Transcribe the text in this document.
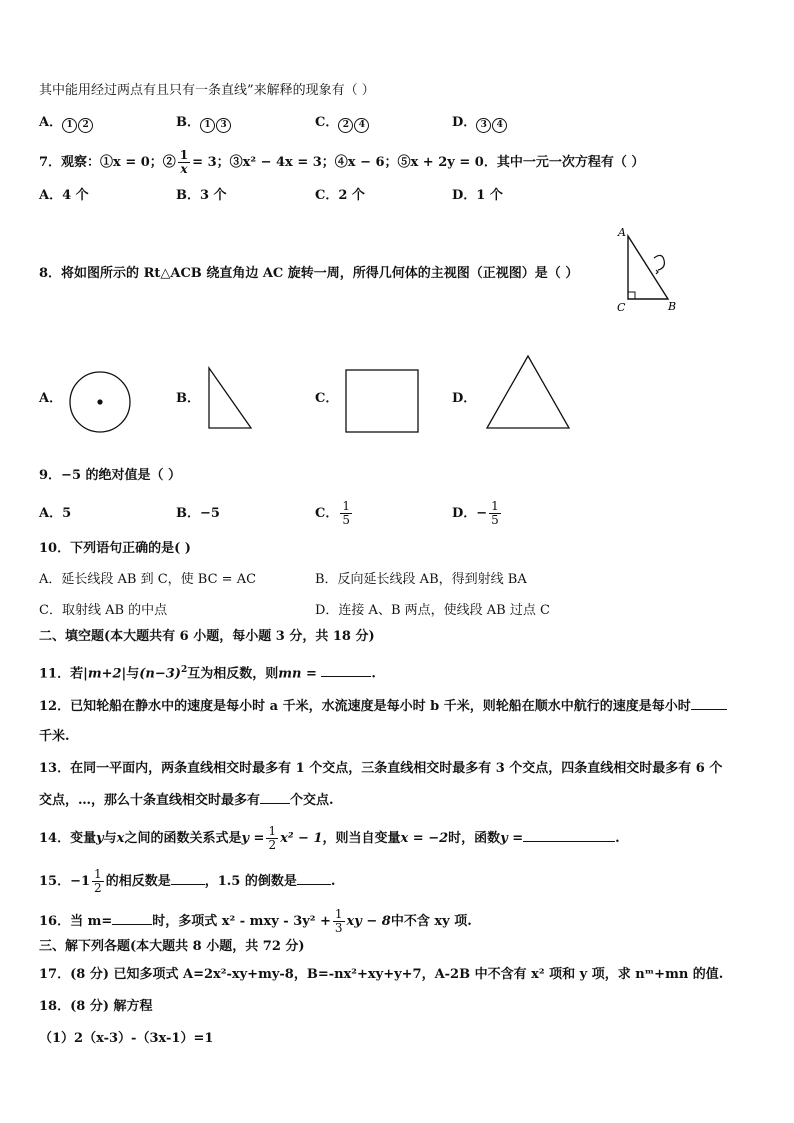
其中能用经过两点有且只有一条直线”来解释的现象有（ ）
A． 1 2	B． 1 3	C． 2 4	D． 3 4
7．观察：①x = 0；② $\frac{1}{x} = 3$；③x² − 4x = 3；④x − 6；⑤x + 2y = 0．其中一元一次方程有（ ）
A．4 个	B．3 个	C．2 个	D．1 个
8．将如图所示的 Rt△ACB 绕直角边 AC 旋转一周，所得几何体的主视图（正视图）是（ ）
A
C	B
A．	B．	C．	D．
9．−5 的绝对值是（ ）
A．5	B．−5	C． $\frac{1}{5}$	D．− $\frac{1}{5}$
10．下列语句正确的是( )
A．延长线段 AB 到 C，使 BC = AC	B．反向延长线段 AB，得到射线 BA
C．取射线 AB 的中点	D．连接 A、B 两点，使线段 AB 过点 C
二、填空题(本大题共有 6 小题，每小题 3 分，共 18 分)
11．若|m+2|与$(n-3)^2$互为相反数，则mn =	.
12．已知轮船在静水中的速度是每小时 a 千米，水流速度是每小时 b 千米，则轮船在顺水中航行的速度是每小时
千米.
13．在同一平面内，两条直线相交时最多有 1 个交点，三条直线相交时最多有 3 个交点，四条直线相交时最多有 6 个
交点，…，那么十条直线相交时最多有 个交点.
14．变量y与x之间的函数关系式是$y = \frac{1}{2} x^2 - 1$，则当自变量x = −2时，函数y =	.
15．$-1 \frac{1}{2}$ 的相反数是	，1.5 的倒数是	.
16．当 m=	时，多项式 x² - mxy - $3y^2 + \frac{1}{3}$ xy − 8中不含 xy 项.
三、解下列各题(本大题共 8 小题，共 72 分)
17．(8 分) 已知多项式 A=2x²-xy+my-8，B=-nx²+xy+y+7，A-2B 中不含有 x² 项和 y 项，求 nᵐ+mn 的值.
18．(8 分) 解方程
（1）2（x-3）-（3x-1）=1
